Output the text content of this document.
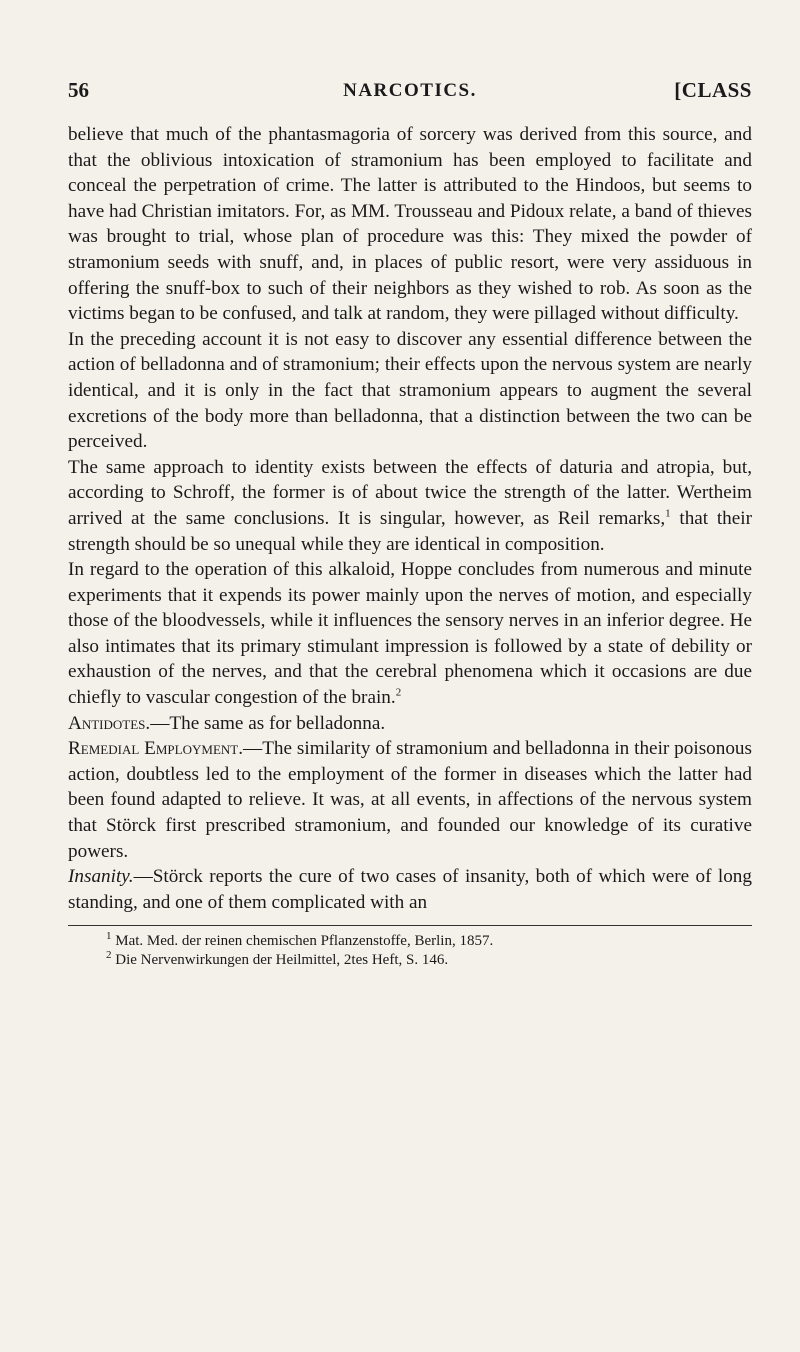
56	NARCOTICS.	[CLASS

believe that much of the phantasmagoria of sorcery was derived from this source, and that the oblivious intoxication of stramonium has been employed to facilitate and conceal the perpetration of crime. The latter is attributed to the Hindoos, but seems to have had Christian imitators. For, as MM. Trousseau and Pidoux relate, a band of thieves was brought to trial, whose plan of procedure was this: They mixed the powder of stramonium seeds with snuff, and, in places of public resort, were very assiduous in offering the snuff-box to such of their neighbors as they wished to rob. As soon as the victims began to be confused, and talk at random, they were pillaged without difficulty.

In the preceding account it is not easy to discover any essential difference between the action of belladonna and of stramonium; their effects upon the nervous system are nearly identical, and it is only in the fact that stramonium appears to augment the several excretions of the body more than belladonna, that a distinction between the two can be perceived.

The same approach to identity exists between the effects of daturia and atropia, but, according to Schroff, the former is of about twice the strength of the latter. Wertheim arrived at the same conclusions. It is singular, however, as Reil remarks,$^1$ that their strength should be so unequal while they are identical in composition.

In regard to the operation of this alkaloid, Hoppe concludes from numerous and minute experiments that it expends its power mainly upon the nerves of motion, and especially those of the bloodvessels, while it influences the sensory nerves in an inferior degree. He also intimates that its primary stimulant impression is followed by a state of debility or exhaustion of the nerves, and that the cerebral phenomena which it occasions are due chiefly to vascular congestion of the brain.$^2$

Antidotes.—The same as for belladonna.

Remedial Employment.—The similarity of stramonium and belladonna in their poisonous action, doubtless led to the employment of the former in diseases which the latter had been found adapted to relieve. It was, at all events, in affections of the nervous system that Störck first prescribed stramonium, and founded our knowledge of its curative powers.

Insanity.—Störck reports the cure of two cases of insanity, both of which were of long standing, and one of them complicated with an

$^1$ Mat. Med. der reinen chemischen Pflanzenstoffe, Berlin, 1857.

$^2$ Die Nervenwirkungen der Heilmittel, 2tes Heft, S. 146.
